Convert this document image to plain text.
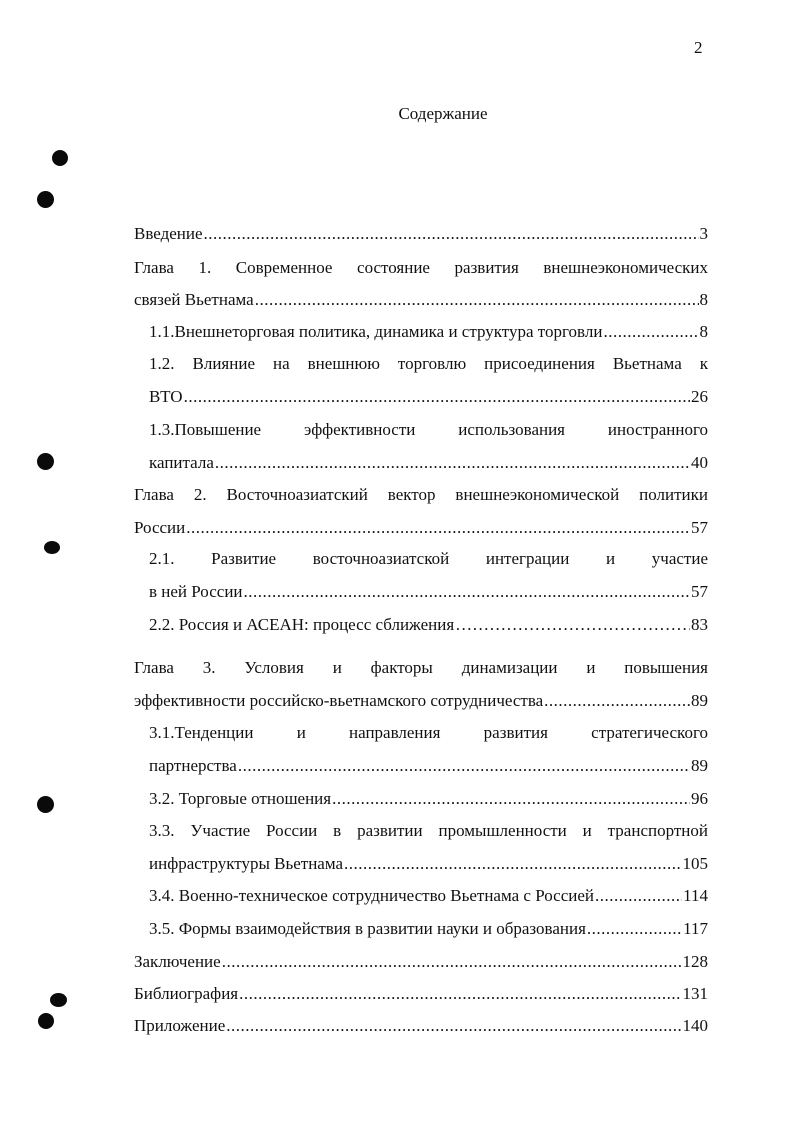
2
Содержание
Введение .....	3
Глава 1. Современное состояние развития внешнеэкономических
связей Вьетнама .....	8
1.1.Внешнеторговая политика, динамика и структура торговли .....	8
1.2. Влияние на внешнюю торговлю присоединения Вьетнама к
ВТО .....	26
1.3.Повышение эффективности использования иностранного
капитала .....	40
Глава 2. Восточноазиатский вектор внешнеэкономической политики
России .....	57
2.1. Развитие восточноазиатской интеграции и участие
в ней России .....	57
2.2. Россия и АСЕАН: процесс сближения ………………………………………………………………………………………………………………………………………………………………	83
Глава 3. Условия и факторы динамизации и повышения
эффективности российско-вьетнамского сотрудничества .....	89
3.1.Тенденции и направления развития стратегического
партнерства .....	89
3.2. Торговые отношения .....	96
3.3. Участие России в развитии промышленности и транспортной
инфраструктуры Вьетнама .....	105
3.4. Военно-техническое сотрудничество Вьетнама с Россией .....	114
3.5. Формы взаимодействия в развитии науки и образования .....	117
Заключение .....	128
Библиография .....	131
Приложение .....	140
